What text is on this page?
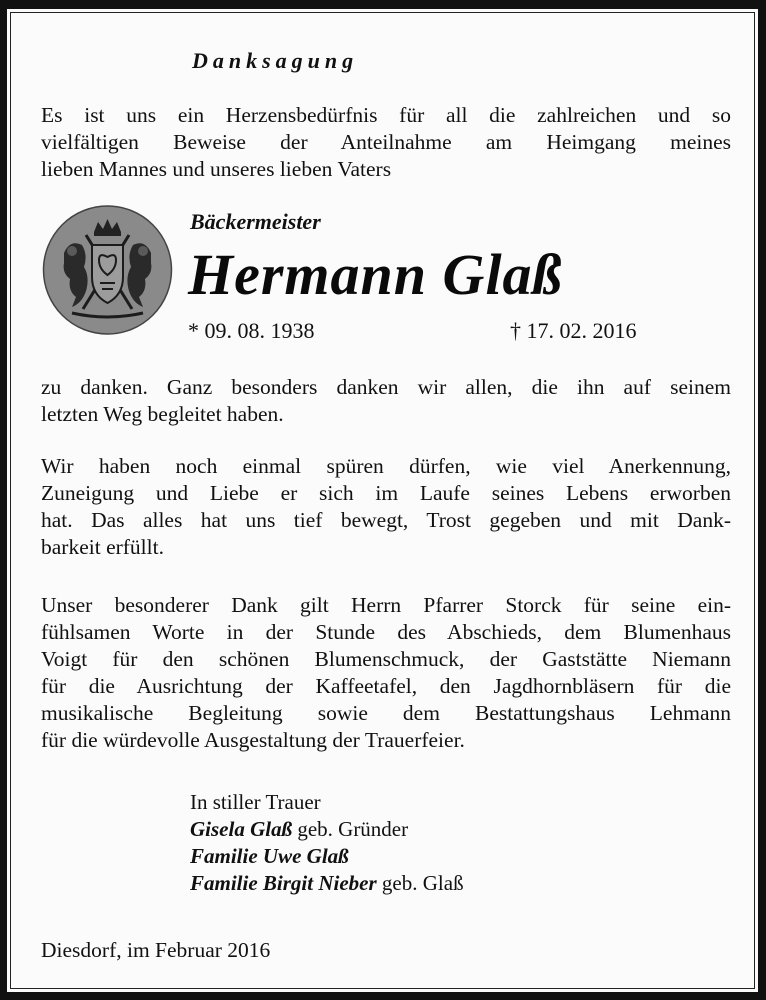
Danksagung
Es ist uns ein Herzensbedürfnis für all die zahlreichen und so
vielfältigen Beweise der Anteilnahme am Heimgang meines
lieben Mannes und unseres lieben Vaters
Bäckermeister
Hermann Glaß
* 09. 08. 1938	† 17. 02. 2016
zu danken. Ganz besonders danken wir allen, die ihn auf seinem
letzten Weg begleitet haben.
Wir haben noch einmal spüren dürfen, wie viel Anerkennung,
Zuneigung und Liebe er sich im Laufe seines Lebens erworben
hat. Das alles hat uns tief bewegt, Trost gegeben und mit Dank-
barkeit erfüllt.
Unser besonderer Dank gilt Herrn Pfarrer Storck für seine ein-
fühlsamen Worte in der Stunde des Abschieds, dem Blumenhaus
Voigt für den schönen Blumenschmuck, der Gaststätte Niemann
für die Ausrichtung der Kaffeetafel, den Jagdhornbläsern für die
musikalische Begleitung sowie dem Bestattungshaus Lehmann
für die würdevolle Ausgestaltung der Trauerfeier.
In stiller Trauer
Gisela Glaß geb. Gründer
Familie Uwe Glaß
Familie Birgit Nieber geb. Glaß
Diesdorf, im Februar 2016
